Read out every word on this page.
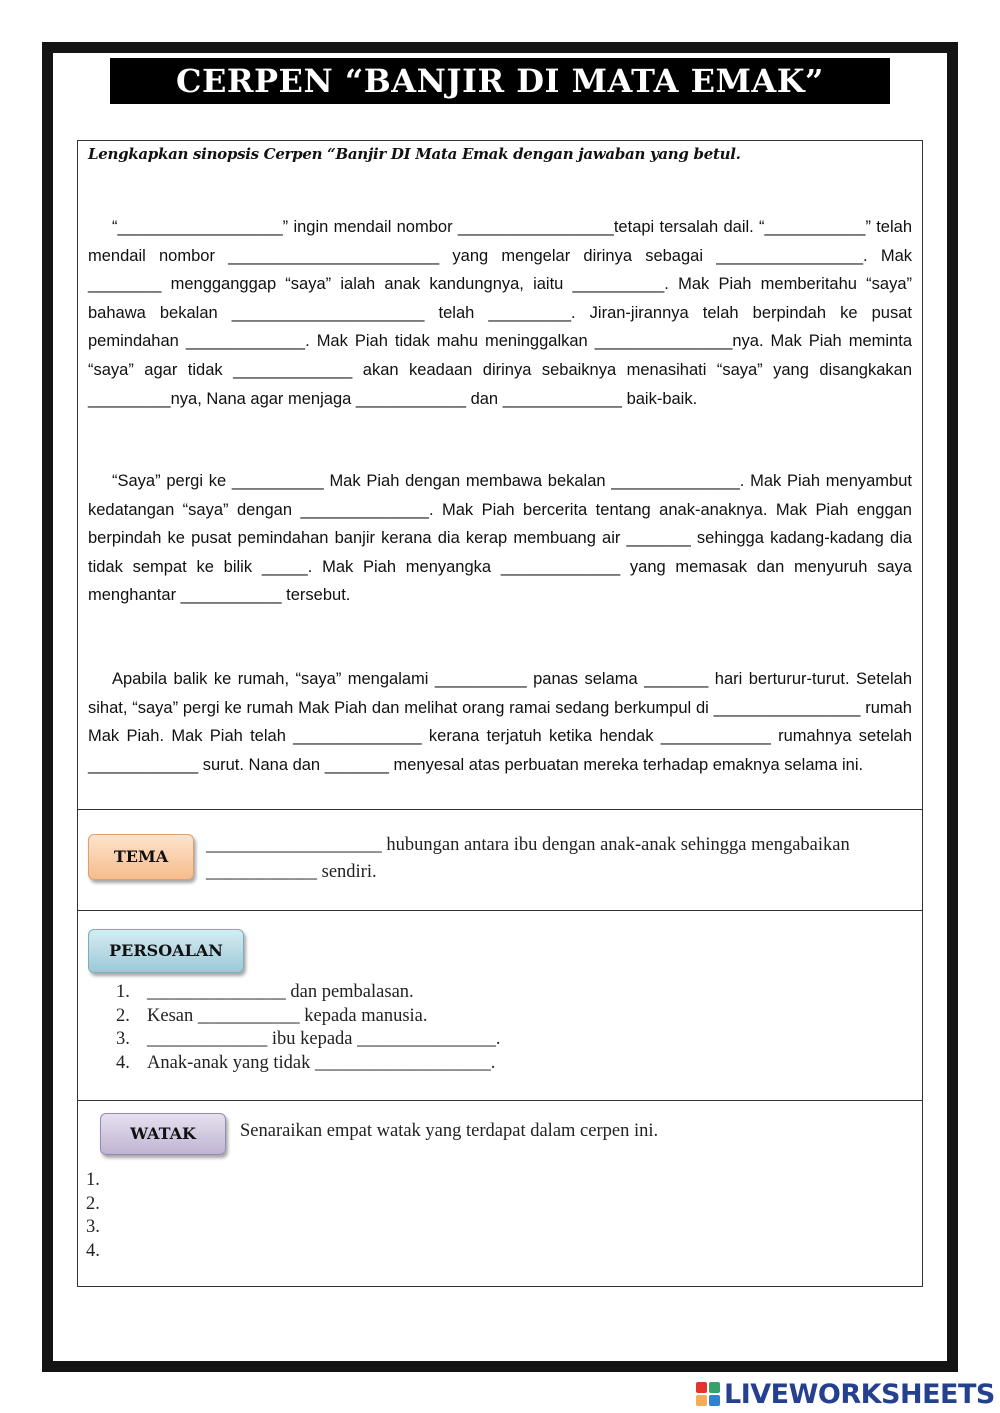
CERPEN “BANJIR DI MATA EMAK”
Lengkapkan sinopsis Cerpen “Banjir DI Mata Emak dengan jawaban yang betul.

“__________________” ingin mendail nombor _________________tetapi tersalah dail. “___________” telah mendail nombor _______________________ yang mengelar dirinya sebagai ________________. Mak ________ mengganggap “saya” ialah anak kandungnya, iaitu __________. Mak Piah memberitahu “saya” bahawa bekalan _____________________ telah _________. Jiran-jirannya telah berpindah ke pusat pemindahan _____________. Mak Piah tidak mahu meninggalkan _______________nya. Mak Piah meminta “saya” agar tidak _____________ akan keadaan dirinya sebaiknya menasihati “saya” yang disangkakan _________nya, Nana agar menjaga ____________ dan _____________ baik-baik.

“Saya” pergi ke __________ Mak Piah dengan membawa bekalan ______________. Mak Piah menyambut kedatangan “saya” dengan ______________. Mak Piah bercerita tentang anak-anaknya. Mak Piah enggan berpindah ke pusat pemindahan banjir kerana dia kerap membuang air _______ sehingga kadang-kadang dia tidak sempat ke bilik _____. Mak Piah menyangka _____________ yang memasak dan menyuruh saya menghantar ___________ tersebut.

Apabila balik ke rumah, “saya” mengalami __________ panas selama _______ hari berturur-turut. Setelah sihat, “saya” pergi ke rumah Mak Piah dan melihat orang ramai sedang berkumpul di ________________ rumah Mak Piah. Mak Piah telah ______________ kerana terjatuh ketika hendak ____________ rumahnya setelah ____________ surut. Nana dan _______ menyesal atas perbuatan mereka terhadap emaknya selama ini.

TEMA
___________________ hubungan antara ibu dengan anak-anak sehingga mengabaikan
____________ sendiri.
PERSOALAN
1. _______________ dan pembalasan.
2. Kesan ___________ kepada manusia.
3. _____________ ibu kepada _______________.
4. Anak-anak yang tidak ___________________.
WATAK	Senaraikan empat watak yang terdapat dalam cerpen ini.
1.
2.
3.
4.
LIVEWORKSHEETS
